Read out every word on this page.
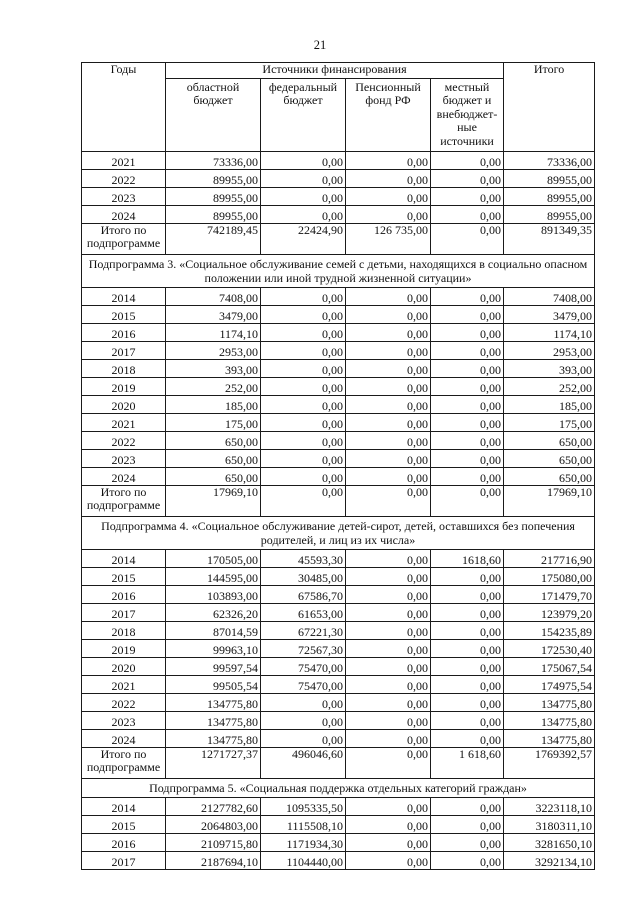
21
Годы	Источники финансирования				Итого
	областной бюджет	федеральный бюджет	Пенсионный фонд РФ	местный бюджет и внебюджет-ные источники	
2021	73336,00	0,00	0,00	0,00	73336,00
2022	89955,00	0,00	0,00	0,00	89955,00
2023	89955,00	0,00	0,00	0,00	89955,00
2024	89955,00	0,00	0,00	0,00	89955,00
Итого по подпрограмме	742189,45	22424,90	126 735,00	0,00	891349,35
Подпрограмма 3. «Социальное обслуживание семей с детьми, находящихся в социально опасном положении или иной трудной жизненной ситуации»					
2014	7408,00	0,00	0,00	0,00	7408,00
2015	3479,00	0,00	0,00	0,00	3479,00
2016	1174,10	0,00	0,00	0,00	1174,10
2017	2953,00	0,00	0,00	0,00	2953,00
2018	393,00	0,00	0,00	0,00	393,00
2019	252,00	0,00	0,00	0,00	252,00
2020	185,00	0,00	0,00	0,00	185,00
2021	175,00	0,00	0,00	0,00	175,00
2022	650,00	0,00	0,00	0,00	650,00
2023	650,00	0,00	0,00	0,00	650,00
2024	650,00	0,00	0,00	0,00	650,00
Итого по подпрограмме	17969,10	0,00	0,00	0,00	17969,10
Подпрограмма 4. «Социальное обслуживание детей-сирот, детей, оставшихся без попечения родителей, и лиц из их числа»					
2014	170505,00	45593,30	0,00	1618,60	217716,90
2015	144595,00	30485,00	0,00	0,00	175080,00
2016	103893,00	67586,70	0,00	0,00	171479,70
2017	62326,20	61653,00	0,00	0,00	123979,20
2018	87014,59	67221,30	0,00	0,00	154235,89
2019	99963,10	72567,30	0,00	0,00	172530,40
2020	99597,54	75470,00	0,00	0,00	175067,54
2021	99505,54	75470,00	0,00	0,00	174975,54
2022	134775,80	0,00	0,00	0,00	134775,80
2023	134775,80	0,00	0,00	0,00	134775,80
2024	134775,80	0,00	0,00	0,00	134775,80
Итого по подпрограмме	1271727,37	496046,60	0,00	1 618,60	1769392,57
Подпрограмма 5. «Социальная поддержка отдельных категорий граждан»					
2014	2127782,60	1095335,50	0,00	0,00	3223118,10
2015	2064803,00	1115508,10	0,00	0,00	3180311,10
2016	2109715,80	1171934,30	0,00	0,00	3281650,10
2017	2187694,10	1104440,00	0,00	0,00	3292134,10
